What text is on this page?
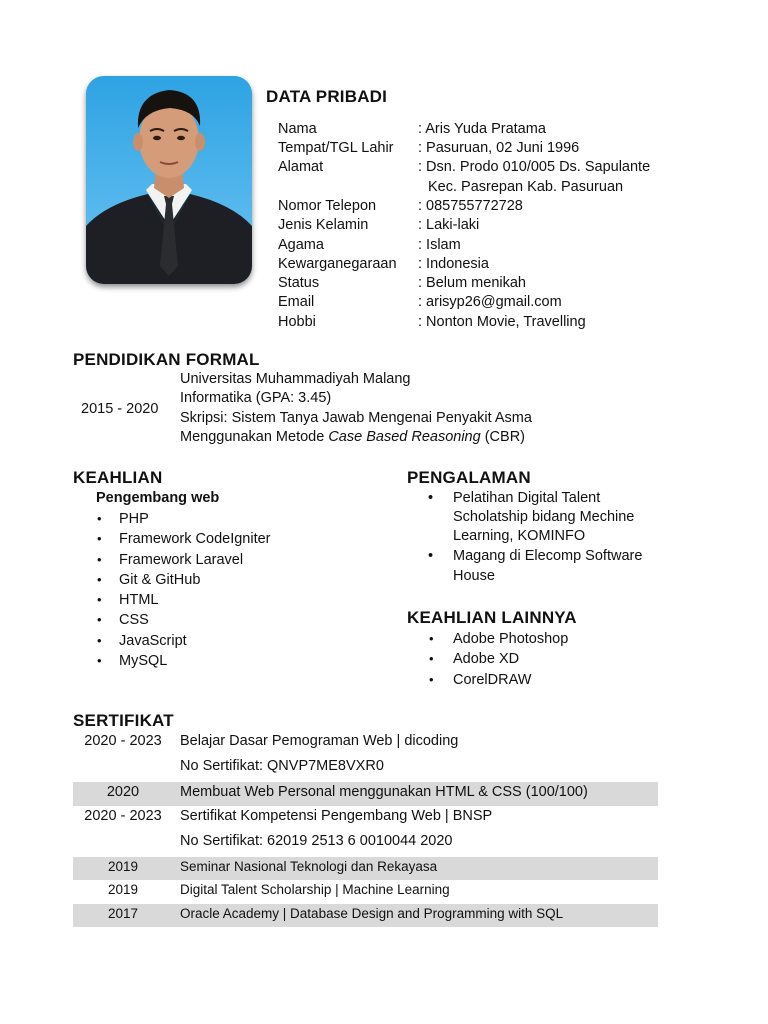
DATA PRIBADI
Nama	: Aris Yuda Pratama
Tempat/TGL Lahir : Pasuruan, 02 Juni 1996
Alamat	: Dsn. Prodo 010/005 Ds. Sapulante
Kec. Pasrepan Kab. Pasuruan
Nomor Telepon	: 085755772728
Jenis Kelamin	: Laki-laki
Agama	: Islam
Kewarganegaraan : Indonesia
Status	: Belum menikah
Email	: arisyp26@gmail.com
Hobbi	: Nonton Movie, Travelling
PENDIDIKAN FORMAL
2015 - 2020
Universitas Muhammadiyah Malang
Informatika (GPA: 3.45)
Skripsi: Sistem Tanya Jawab Mengenai Penyakit Asma
Menggunakan Metode Case Based Reasoning (CBR)
KEAHLIAN
Pengembang web
• PHP
• Framework CodeIgniter
• Framework Laravel
• Git & GitHub
• HTML
• CSS
• JavaScript
• MySQL
PENGALAMAN
• Pelatihan Digital Talent
Scholatship bidang Mechine
Learning, KOMINFO
• Magang di Elecomp Software
House
KEAHLIAN LAINNYA
• Adobe Photoshop
• Adobe XD
• CorelDRAW
SERTIFIKAT
2020 - 2023	Belajar Dasar Pemograman Web | dicoding
No Sertifikat: QNVP7ME8VXR0
2020	Membuat Web Personal menggunakan HTML & CSS (100/100)
2020 - 2023	Sertifikat Kompetensi Pengembang Web | BNSP
No Sertifikat: 62019 2513 6 0010044 2020
2019	Seminar Nasional Teknologi dan Rekayasa
2019	Digital Talent Scholarship | Machine Learning
2017	Oracle Academy | Database Design and Programming with SQL
